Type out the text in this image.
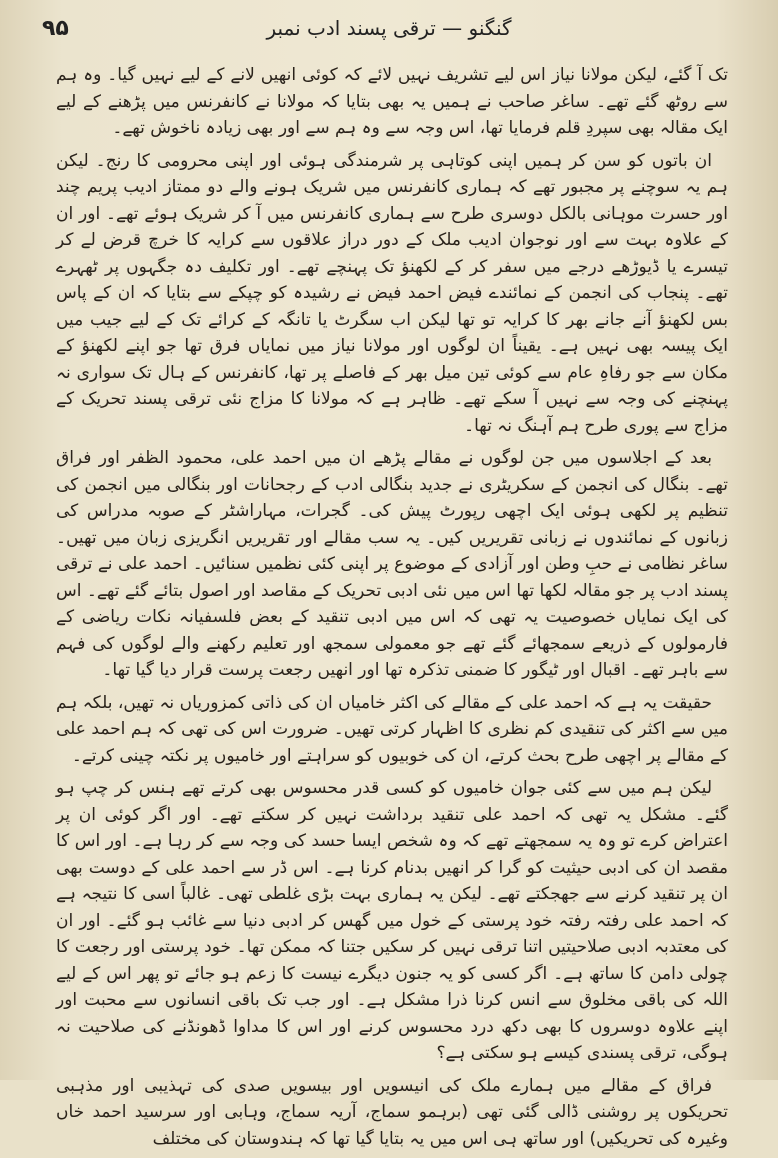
۹۵	گنگنو — ترقی پسند ادب نمبر

تک آ گئے، لیکن مولانا نیاز اس لیے تشریف نہیں لائے کہ کوئی انھیں لانے کے لیے نہیں گیا۔ وہ ہم سے روٹھ گئے تھے۔ ساغر صاحب نے ہمیں یہ بھی بتایا کہ مولانا نے کانفرنس میں پڑھنے کے لیے ایک مقالہ بھی سپردِ قلم فرمایا تھا، اس وجہ سے وہ ہم سے اور بھی زیادہ ناخوش تھے۔

ان باتوں کو سن کر ہمیں اپنی کوتاہی پر شرمندگی ہوئی اور اپنی محرومی کا رنج۔ لیکن ہم یہ سوچنے پر مجبور تھے کہ ہماری کانفرنس میں شریک ہونے والے دو ممتاز ادیب پریم چند اور حسرت موہانی بالکل دوسری طرح سے ہماری کانفرنس میں آ کر شریک ہوئے تھے۔ اور ان کے علاوہ بہت سے اور نوجوان ادیب ملک کے دور دراز علاقوں سے کرایہ کا خرچ قرض لے کر تیسرے یا ڈیوڑھے درجے میں سفر کر کے لکھنؤ تک پہنچے تھے۔ اور تکلیف دہ جگہوں پر ٹھہرے تھے۔ پنجاب کی انجمن کے نمائندے فیض احمد فیض نے رشیدہ کو چپکے سے بتایا کہ ان کے پاس بس لکھنؤ آنے جانے بھر کا کرایہ تو تھا لیکن اب سگرٹ یا تانگہ کے کرائے تک کے لیے جیب میں ایک پیسہ بھی نہیں ہے۔ یقیناً ان لوگوں اور مولانا نیاز میں نمایاں فرق تھا جو اپنے لکھنؤ کے مکان سے جو رفاہِ عام سے کوئی تین میل بھر کے فاصلے پر تھا، کانفرنس کے ہال تک سواری نہ پہنچنے کی وجہ سے نہیں آ سکے تھے۔ ظاہر ہے کہ مولانا کا مزاج نئی ترقی پسند تحریک کے مزاج سے پوری طرح ہم آہنگ نہ تھا۔

بعد کے اجلاسوں میں جن لوگوں نے مقالے پڑھے ان میں احمد علی، محمود الظفر اور فراق تھے۔ بنگال کی انجمن کے سکریٹری نے جدید بنگالی ادب کے رجحانات اور بنگالی میں انجمن کی تنظیم پر لکھی ہوئی ایک اچھی رپورٹ پیش کی۔ گجرات، مہاراشٹر کے صوبہ مدراس کی زبانوں کے نمائندوں نے زبانی تقریریں کیں۔ یہ سب مقالے اور تقریریں انگریزی زبان میں تھیں۔ ساغر نظامی نے حبِ وطن اور آزادی کے موضوع پر اپنی کئی نظمیں سنائیں۔ احمد علی نے ترقی پسند ادب پر جو مقالہ لکھا تھا اس میں نئی ادبی تحریک کے مقاصد اور اصول بتائے گئے تھے۔ اس کی ایک نمایاں خصوصیت یہ تھی کہ اس میں ادبی تنقید کے بعض فلسفیانہ نکات ریاضی کے فارمولوں کے ذریعے سمجھائے گئے تھے جو معمولی سمجھ اور تعلیم رکھنے والے لوگوں کی فہم سے باہر تھے۔ اقبال اور ٹیگور کا ضمنی تذکرہ تھا اور انھیں رجعت پرست قرار دیا گیا تھا۔

حقیقت یہ ہے کہ احمد علی کے مقالے کی اکثر خامیاں ان کی ذاتی کمزوریاں نہ تھیں، بلکہ ہم میں سے اکثر کی تنقیدی کم نظری کا اظہار کرتی تھیں۔ ضرورت اس کی تھی کہ ہم احمد علی کے مقالے پر اچھی طرح بحث کرتے، ان کی خوبیوں کو سراہتے اور خامیوں پر نکتہ چینی کرتے۔

لیکن ہم میں سے کئی جوان خامیوں کو کسی قدر محسوس بھی کرتے تھے ہنس کر چپ ہو گئے۔ مشکل یہ تھی کہ احمد علی تنقید برداشت نہیں کر سکتے تھے۔ اور اگر کوئی ان پر اعتراض کرے تو وہ یہ سمجھتے تھے کہ وہ شخص ایسا حسد کی وجہ سے کر رہا ہے۔ اور اس کا مقصد ان کی ادبی حیثیت کو گرا کر انھیں بدنام کرنا ہے۔ اس ڈر سے احمد علی کے دوست بھی ان پر تنقید کرنے سے جھجکتے تھے۔ لیکن یہ ہماری بہت بڑی غلطی تھی۔ غالباً اسی کا نتیجہ ہے کہ احمد علی رفتہ رفتہ خود پرستی کے خول میں گھس کر ادبی دنیا سے غائب ہو گئے۔ اور ان کی معتدبہ ادبی صلاحیتیں اتنا ترقی نہیں کر سکیں جتنا کہ ممکن تھا۔ خود پرستی اور رجعت کا چولی دامن کا ساتھ ہے۔ اگر کسی کو یہ جنون دیگرے نیست کا زعم ہو جائے تو پھر اس کے لیے اللہ کی باقی مخلوق سے انس کرنا ذرا مشکل ہے۔ اور جب تک باقی انسانوں سے محبت اور اپنے علاوہ دوسروں کا بھی دکھ درد محسوس کرنے اور اس کا مداوا ڈھونڈنے کی صلاحیت نہ ہوگی، ترقی پسندی کیسے ہو سکتی ہے؟

فراق کے مقالے میں ہمارے ملک کی انیسویں اور بیسویں صدی کی تہذیبی اور مذہبی تحریکوں پر روشنی ڈالی گئی تھی (برہمو سماج، آریہ سماج، وہابی اور سرسید احمد خاں وغیرہ کی تحریکیں) اور ساتھ ہی اس میں یہ بتایا گیا تھا کہ ہندوستان کی مختلف
